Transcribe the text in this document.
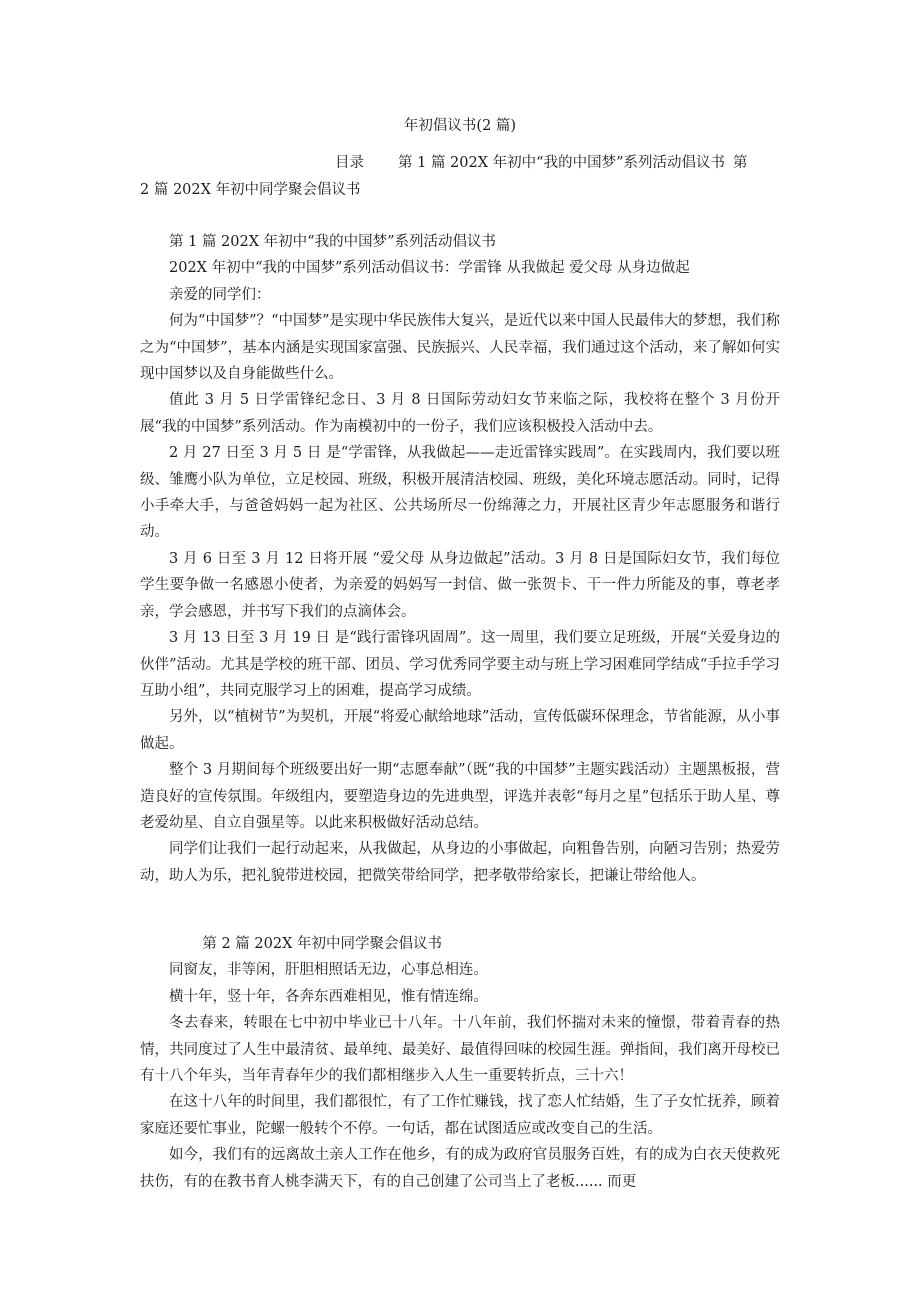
年初倡议书(2 篇)
目录 第 1 篇 202X 年初中“我的中国梦”系列活动倡议书 第
2 篇 202X 年初中同学聚会倡议书

第 1 篇 202X 年初中“我的中国梦”系列活动倡议书

202X 年初中“我的中国梦”系列活动倡议书：学雷锋 从我做起 爱父母 从身边做起

亲爱的同学们：

何为“中国梦”？“中国梦”是实现中华民族伟大复兴，是近代以来中国人民最伟大的梦想，我们称之为“中国梦”，基本内涵是实现国家富强、民族振兴、人民幸福，我们通过这个活动，来了解如何实现中国梦以及自身能做些什么。

值此 3 月 5 日学雷锋纪念日、3 月 8 日国际劳动妇女节来临之际，我校将在整个 3 月份开展“我的中国梦”系列活动。作为南模初中的一份子，我们应该积极投入活动中去。

2 月 27 日至 3 月 5 日 是“学雷锋，从我做起——走近雷锋实践周”。在实践周内，我们要以班级、雏鹰小队为单位，立足校园、班级，积极开展清洁校园、班级，美化环境志愿活动。同时，记得小手牵大手，与爸爸妈妈一起为社区、公共场所尽一份绵薄之力，开展社区青少年志愿服务和谐行动。

3 月 6 日至 3 月 12 日将开展 “爱父母 从身边做起”活动。3 月 8 日是国际妇女节，我们每位学生要争做一名感恩小使者，为亲爱的妈妈写一封信、做一张贺卡、干一件力所能及的事，尊老孝亲，学会感恩，并书写下我们的点滴体会。

3 月 13 日至 3 月 19 日 是“践行雷锋巩固周”。这一周里，我们要立足班级，开展“关爱身边的伙伴”活动。尤其是学校的班干部、团员、学习优秀同学要主动与班上学习困难同学结成“手拉手学习互助小组”，共同克服学习上的困难，提高学习成绩。

另外，以“植树节”为契机，开展“将爱心献给地球”活动，宣传低碳环保理念，节省能源，从小事做起。

整个 3 月期间每个班级要出好一期“志愿奉献”（既“我的中国梦”主题实践活动）主题黑板报，营造良好的宣传氛围。年级组内，要塑造身边的先进典型，评选并表彰“每月之星”包括乐于助人星、尊老爱幼星、自立自强星等。以此来积极做好活动总结。

同学们让我们一起行动起来，从我做起，从身边的小事做起，向粗鲁告别，向陋习告别；热爱劳动，助人为乐，把礼貌带进校园，把微笑带给同学，把孝敬带给家长，把谦让带给他人。

第 2 篇 202X 年初中同学聚会倡议书

同窗友，非等闲，肝胆相照话无边，心事总相连。

横十年，竖十年，各奔东西难相见，惟有情连绵。

冬去春来，转眼在七中初中毕业已十八年。十八年前，我们怀揣对未来的憧憬，带着青春的热情，共同度过了人生中最清贫、最单纯、最美好、最值得回味的校园生涯。弹指间，我们离开母校已有十八个年头，当年青春年少的我们都相继步入人生一重要转折点，三十六！

在这十八年的时间里，我们都很忙，有了工作忙赚钱，找了恋人忙结婚，生了子女忙抚养，顾着家庭还要忙事业，陀螺一般转个不停。一句话，都在试图适应或改变自己的生活。

如今，我们有的远离故土亲人工作在他乡，有的成为政府官员服务百姓，有的成为白衣天使救死扶伤，有的在教书育人桃李满天下，有的自己创建了公司当上了老板...... 而更
